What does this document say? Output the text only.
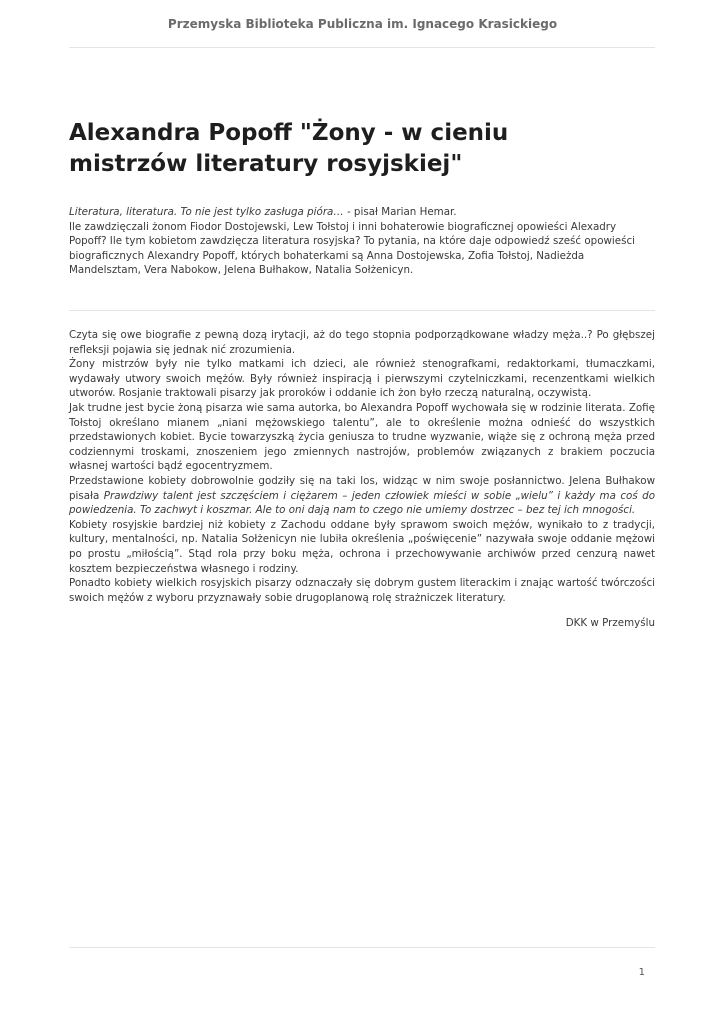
Przemyska Biblioteka Publiczna im. Ignacego Krasickiego
Alexandra Popoff "Żony - w cieniu mistrzów literatury rosyjskiej"

Literatura, literatura. To nie jest tylko zasługa pióra… - pisał Marian Hemar.

Ile zawdzięczali żonom Fiodor Dostojewski, Lew Tołstoj i inni bohaterowie biograficznej opowieści Alexadry Popoff? Ile tym kobietom zawdzięcza literatura rosyjska? To pytania, na które daje odpowiedź sześć opowieści biograficznych Alexandry Popoff, których bohaterkami są Anna Dostojewska, Zofia Tołstoj, Nadieżda Mandelsztam, Vera Nabokow, Jelena Bułhakow, Natalia Sołżenicyn.

Czyta się owe biografie z pewną dozą irytacji, aż do tego stopnia podporządkowane władzy męża..? Po głębszej refleksji pojawia się jednak nić zrozumienia.

Żony mistrzów były nie tylko matkami ich dzieci, ale również stenografkami, redaktorkami, tłumaczkami, wydawały utwory swoich mężów. Były również inspiracją i pierwszymi czytelniczkami, recenzentkami wielkich utworów. Rosjanie traktowali pisarzy jak proroków i oddanie ich żon było rzeczą naturalną, oczywistą.

Jak trudne jest bycie żoną pisarza wie sama autorka, bo Alexandra Popoff wychowała się w rodzinie literata. Zofię Tołstoj określano mianem „niani mężowskiego talentu”, ale to określenie można odnieść do wszystkich przedstawionych kobiet. Bycie towarzyszką życia geniusza to trudne wyzwanie, wiąże się z ochroną męża przed codziennymi troskami, znoszeniem jego zmiennych nastrojów, problemów związanych z brakiem poczucia własnej wartości bądź egocentryzmem.

Przedstawione kobiety dobrowolnie godziły się na taki los, widząc w nim swoje posłannictwo. Jelena Bułhakow pisała Prawdziwy talent jest szczęściem i ciężarem – jeden człowiek mieści w sobie „wielu” i każdy ma coś do powiedzenia. To zachwyt i koszmar. Ale to oni dają nam to czego nie umiemy dostrzec – bez tej ich mnogości.

Kobiety rosyjskie bardziej niż kobiety z Zachodu oddane były sprawom swoich mężów, wynikało to z tradycji, kultury, mentalności, np. Natalia Sołżenicyn nie lubiła określenia „poświęcenie” nazywała swoje oddanie mężowi po prostu „miłością”. Stąd rola przy boku męża, ochrona i przechowywanie archiwów przed cenzurą nawet kosztem bezpieczeństwa własnego i rodziny.

Ponadto kobiety wielkich rosyjskich pisarzy odznaczały się dobrym gustem literackim i znając wartość twórczości swoich mężów z wyboru przyznawały sobie drugoplanową rolę strażniczek literatury.

DKK w Przemyślu
1
